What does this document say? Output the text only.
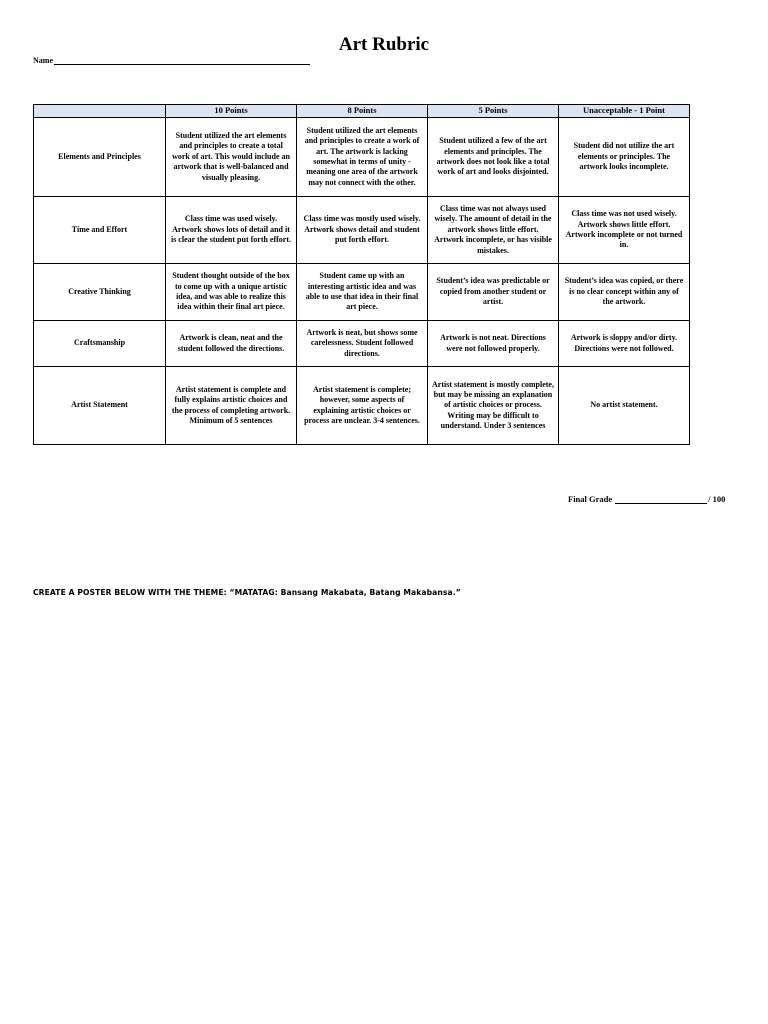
Art Rubric
Name
	10 Points	8 Points	5 Points	Unacceptable - 1 Point
Elements and Principles	Student utilized the art elements and principles to create a total work of art. This would include an artwork that is well-balanced and visually pleasing.	Student utilized the art elements and principles to create a work of art. The artwork is lacking somewhat in terms of unity - meaning one area of the artwork may not connect with the other.	Student utilized a few of the art elements and principles. The artwork does not look like a total work of art and looks disjointed.	Student did not utilize the art elements or principles. The artwork looks incomplete.
Time and Effort	Class time was used wisely. Artwork shows lots of detail and it is clear the student put forth effort.	Class time was mostly used wisely. Artwork shows detail and student put forth effort.	Class time was not always used wisely. The amount of detail in the artwork shows little effort. Artwork incomplete, or has visible mistakes.	Class time was not used wisely. Artwork shows little effort. Artwork incomplete or not turned in.
Creative Thinking	Student thought outside of the box to come up with a unique artistic idea, and was able to realize this idea within their final art piece.	Student came up with an interesting artistic idea and was able to use that idea in their final art piece.	Student’s idea was predictable or copied from another student or artist.	Student’s idea was copied, or there is no clear concept within any of the artwork.
Craftsmanship	Artwork is clean, neat and the student followed the directions.	Artwork is neat, but shows some carelessness. Student followed directions.	Artwork is not neat. Directions were not followed properly.	Artwork is sloppy and/or dirty. Directions were not followed.
Artist Statement	Artist statement is complete and fully explains artistic choices and the process of completing artwork. Minimum of 5 sentences	Artist statement is complete; however, some aspects of explaining artistic choices or process are unclear. 3-4 sentences.	Artist statement is mostly complete, but may be missing an explanation of artistic choices or process. Writing may be difficult to understand. Under 3 sentences	No artist statement.
Final Grade	/ 100
CREATE A POSTER BELOW WITH THE THEME: “MATATAG: Bansang Makabata, Batang Makabansa.”
